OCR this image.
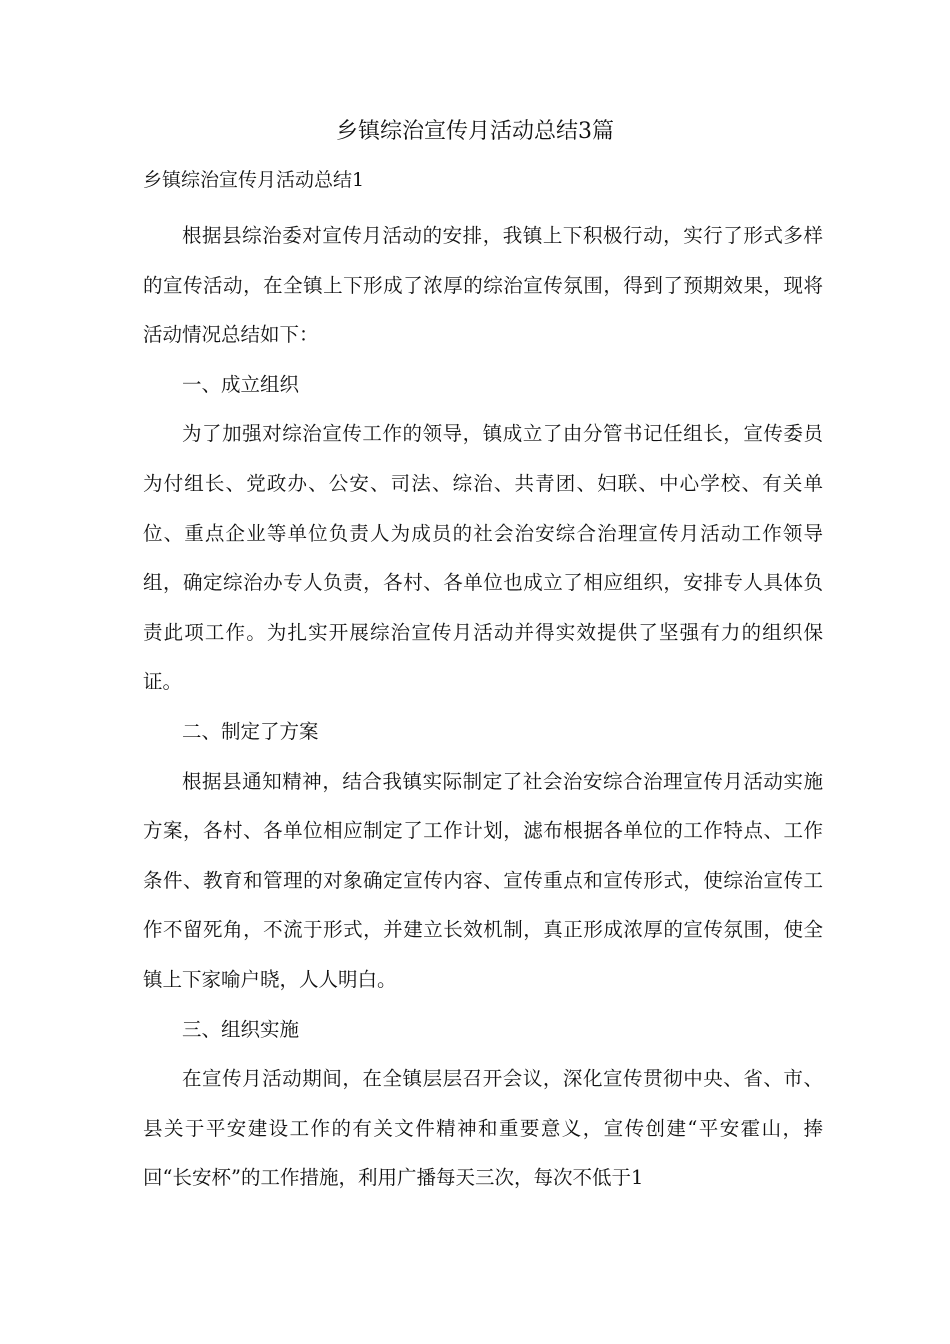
乡镇综治宣传月活动总结3篇
乡镇综治宣传月活动总结1

根据县综治委对宣传月活动的安排，我镇上下积极行动，实行了形式多样的宣传活动，在全镇上下形成了浓厚的综治宣传氛围，得到了预期效果，现将活动情况总结如下：

一、成立组织

为了加强对综治宣传工作的领导，镇成立了由分管书记任组长，宣传委员为付组长、党政办、公安、司法、综治、共青团、妇联、中心学校、有关单位、重点企业等单位负责人为成员的社会治安综合治理宣传月活动工作领导组，确定综治办专人负责，各村、各单位也成立了相应组织，安排专人具体负责此项工作。为扎实开展综治宣传月活动并得实效提供了坚强有力的组织保证。

二、制定了方案

根据县通知精神，结合我镇实际制定了社会治安综合治理宣传月活动实施方案，各村、各单位相应制定了工作计划，滤布根据各单位的工作特点、工作条件、教育和管理的对象确定宣传内容、宣传重点和宣传形式，使综治宣传工作不留死角，不流于形式，并建立长效机制，真正形成浓厚的宣传氛围，使全镇上下家喻户晓，人人明白。

三、组织实施

在宣传月活动期间，在全镇层层召开会议，深化宣传贯彻中央、省、市、县关于平安建设工作的有关文件精神和重要意义，宣传创建“平安霍山，捧回“长安杯”的工作措施，利用广播每天三次，每次不低于1
